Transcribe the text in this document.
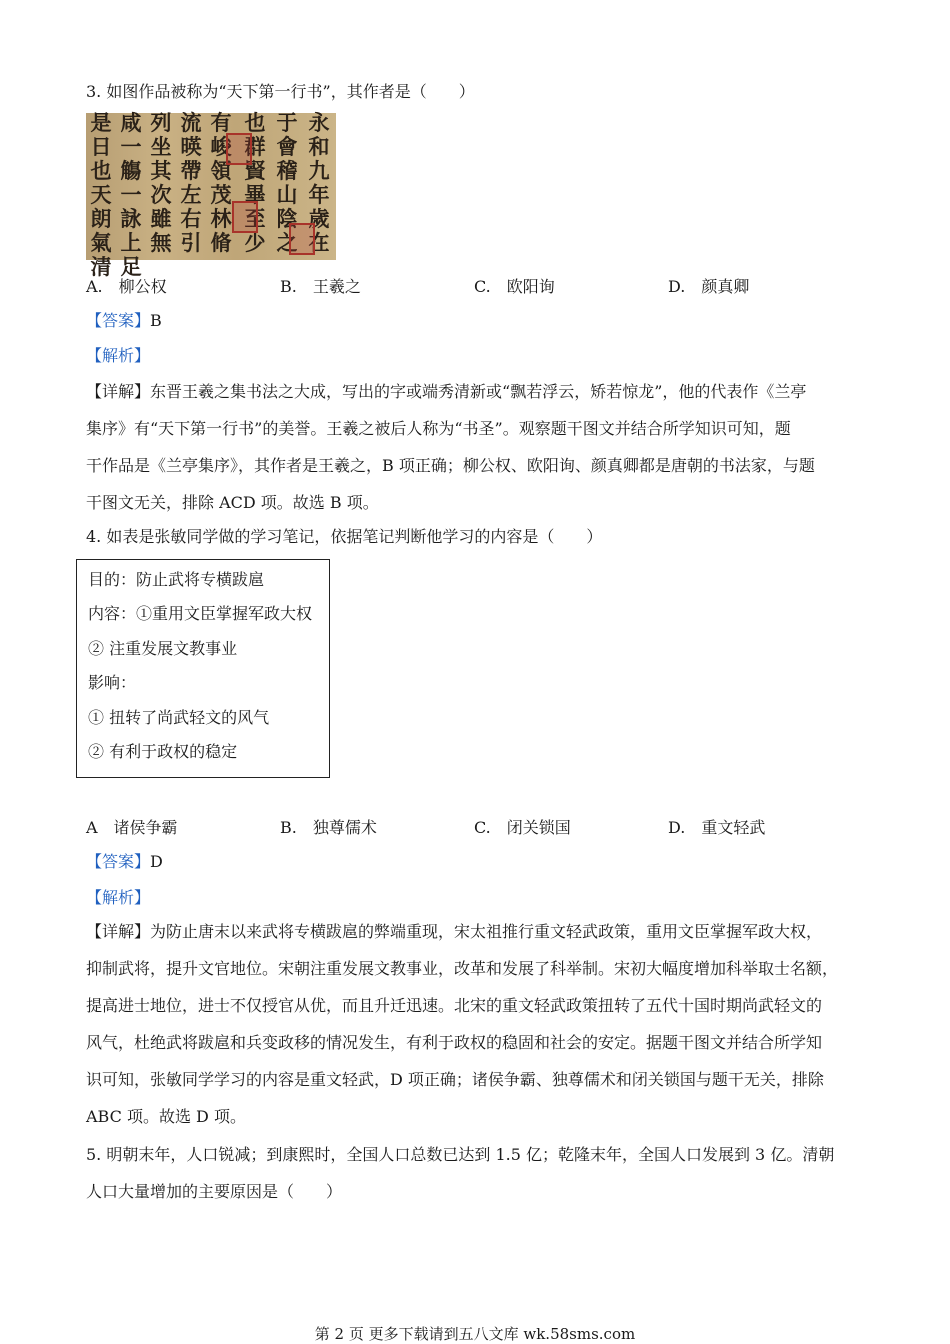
3. 如图作品被称为“天下第一行书”，其作者是（　　）
是日也天朗氣清
咸一觴一詠上足
列坐其次雖無
流暎帶左右引
有峻領茂林脩
也群賢畢至少
于會稽山陰之
永和九年歲在
A.　柳公权	B.　王羲之	C.　欧阳询	D.　颜真卿
【答案】B
【解析】
【详解】东晋王羲之集书法之大成，写出的字或端秀清新或“飘若浮云，矫若惊龙”，他的代表作《兰亭
集序》有“天下第一行书”的美誉。王羲之被后人称为“书圣”。观察题干图文并结合所学知识可知，题
干作品是《兰亭集序》，其作者是王羲之，B 项正确；柳公权、欧阳询、颜真卿都是唐朝的书法家，与题
干图文无关，排除 ACD 项。故选 B 项。
4. 如表是张敏同学做的学习笔记，依据笔记判断他学习的内容是（　　）
目的：防止武将专横跋扈
内容：①重用文臣掌握军政大权
② 注重发展文教事业
影响：
① 扭转了尚武轻文的风气
② 有利于政权的稳定
A　诸侯争霸	B.　独尊儒术	C.　闭关锁国	D.　重文轻武
【答案】D
【解析】
【详解】为防止唐末以来武将专横跋扈的弊端重现，宋太祖推行重文轻武政策，重用文臣掌握军政大权，
抑制武将，提升文官地位。宋朝注重发展文教事业，改革和发展了科举制。宋初大幅度增加科举取士名额，
提高进士地位，进士不仅授官从优，而且升迁迅速。北宋的重文轻武政策扭转了五代十国时期尚武轻文的
风气，杜绝武将跋扈和兵变政移的情况发生，有利于政权的稳固和社会的安定。据题干图文并结合所学知
识可知，张敏同学学习的内容是重文轻武，D 项正确；诸侯争霸、独尊儒术和闭关锁国与题干无关，排除
ABC 项。故选 D 项。
5. 明朝末年，人口锐减；到康熙时，全国人口总数已达到 1.5 亿；乾隆末年，全国人口发展到 3 亿。清朝
人口大量增加的主要原因是（　　）
第 2 页 更多下载请到五八文库 wk.58sms.com
